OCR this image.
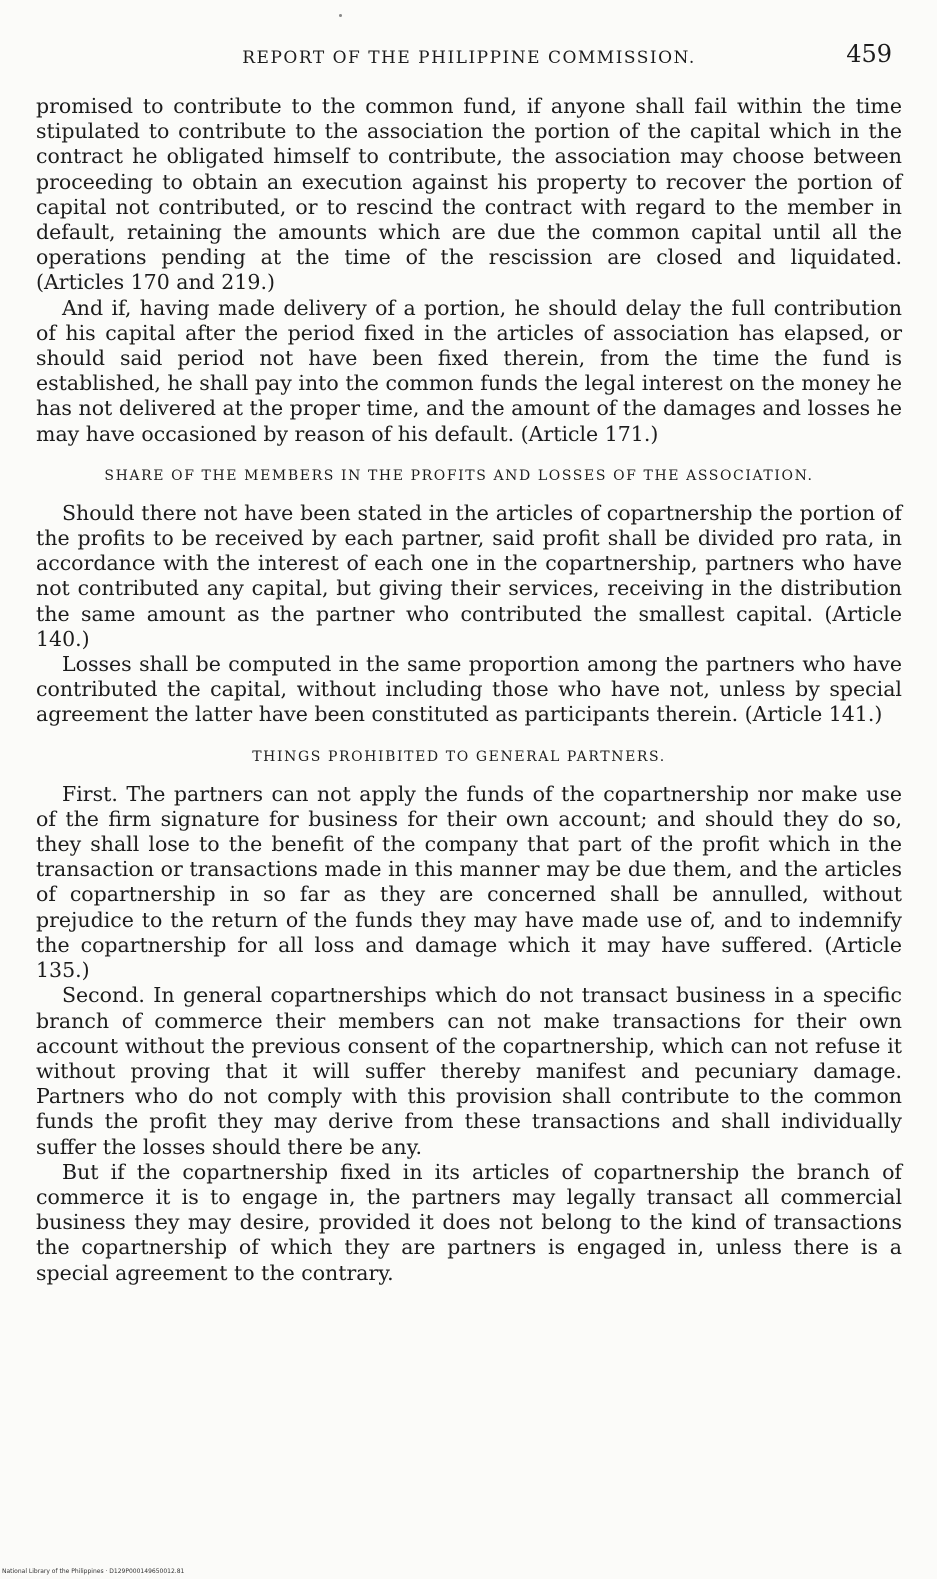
REPORT OF THE PHILIPPINE COMMISSION.	459

promised to contribute to the common fund, if anyone shall fail within the time stipulated to contribute to the association the portion of the capital which in the contract he obligated himself to contribute, the association may choose between proceeding to obtain an execution against his property to recover the portion of capital not contributed, or to rescind the contract with regard to the member in default, retaining the amounts which are due the common capital until all the operations pending at the time of the rescission are closed and liquidated. (Articles 170 and 219.)

And if, having made delivery of a portion, he should delay the full contribution of his capital after the period fixed in the articles of association has elapsed, or should said period not have been fixed therein, from the time the fund is established, he shall pay into the common funds the legal interest on the money he has not delivered at the proper time, and the amount of the damages and losses he may have occasioned by reason of his default. (Article 171.)

SHARE OF THE MEMBERS IN THE PROFITS AND LOSSES OF THE ASSOCIATION.

Should there not have been stated in the articles of copartnership the portion of the profits to be received by each partner, said profit shall be divided pro rata, in accordance with the interest of each one in the copartnership, partners who have not contributed any capital, but giving their services, receiving in the distribution the same amount as the partner who contributed the smallest capital. (Article 140.)

Losses shall be computed in the same proportion among the partners who have contributed the capital, without including those who have not, unless by special agreement the latter have been constituted as participants therein. (Article 141.)

THINGS PROHIBITED TO GENERAL PARTNERS.

First. The partners can not apply the funds of the copartnership nor make use of the firm signature for business for their own account; and should they do so, they shall lose to the benefit of the company that part of the profit which in the transaction or transactions made in this manner may be due them, and the articles of copartnership in so far as they are concerned shall be annulled, without prejudice to the return of the funds they may have made use of, and to indemnify the copartnership for all loss and damage which it may have suffered. (Article 135.)

Second. In general copartnerships which do not transact business in a specific branch of commerce their members can not make transactions for their own account without the previous consent of the copartnership, which can not refuse it without proving that it will suffer thereby manifest and pecuniary damage. Partners who do not comply with this provision shall contribute to the common funds the profit they may derive from these transactions and shall individually suffer the losses should there be any.

But if the copartnership fixed in its articles of copartnership the branch of commerce it is to engage in, the partners may legally transact all commercial business they may desire, provided it does not belong to the kind of transactions the copartnership of which they are partners is engaged in, unless there is a special agreement to the contrary.

National Library of the Philippines · D129P000149650012.81
